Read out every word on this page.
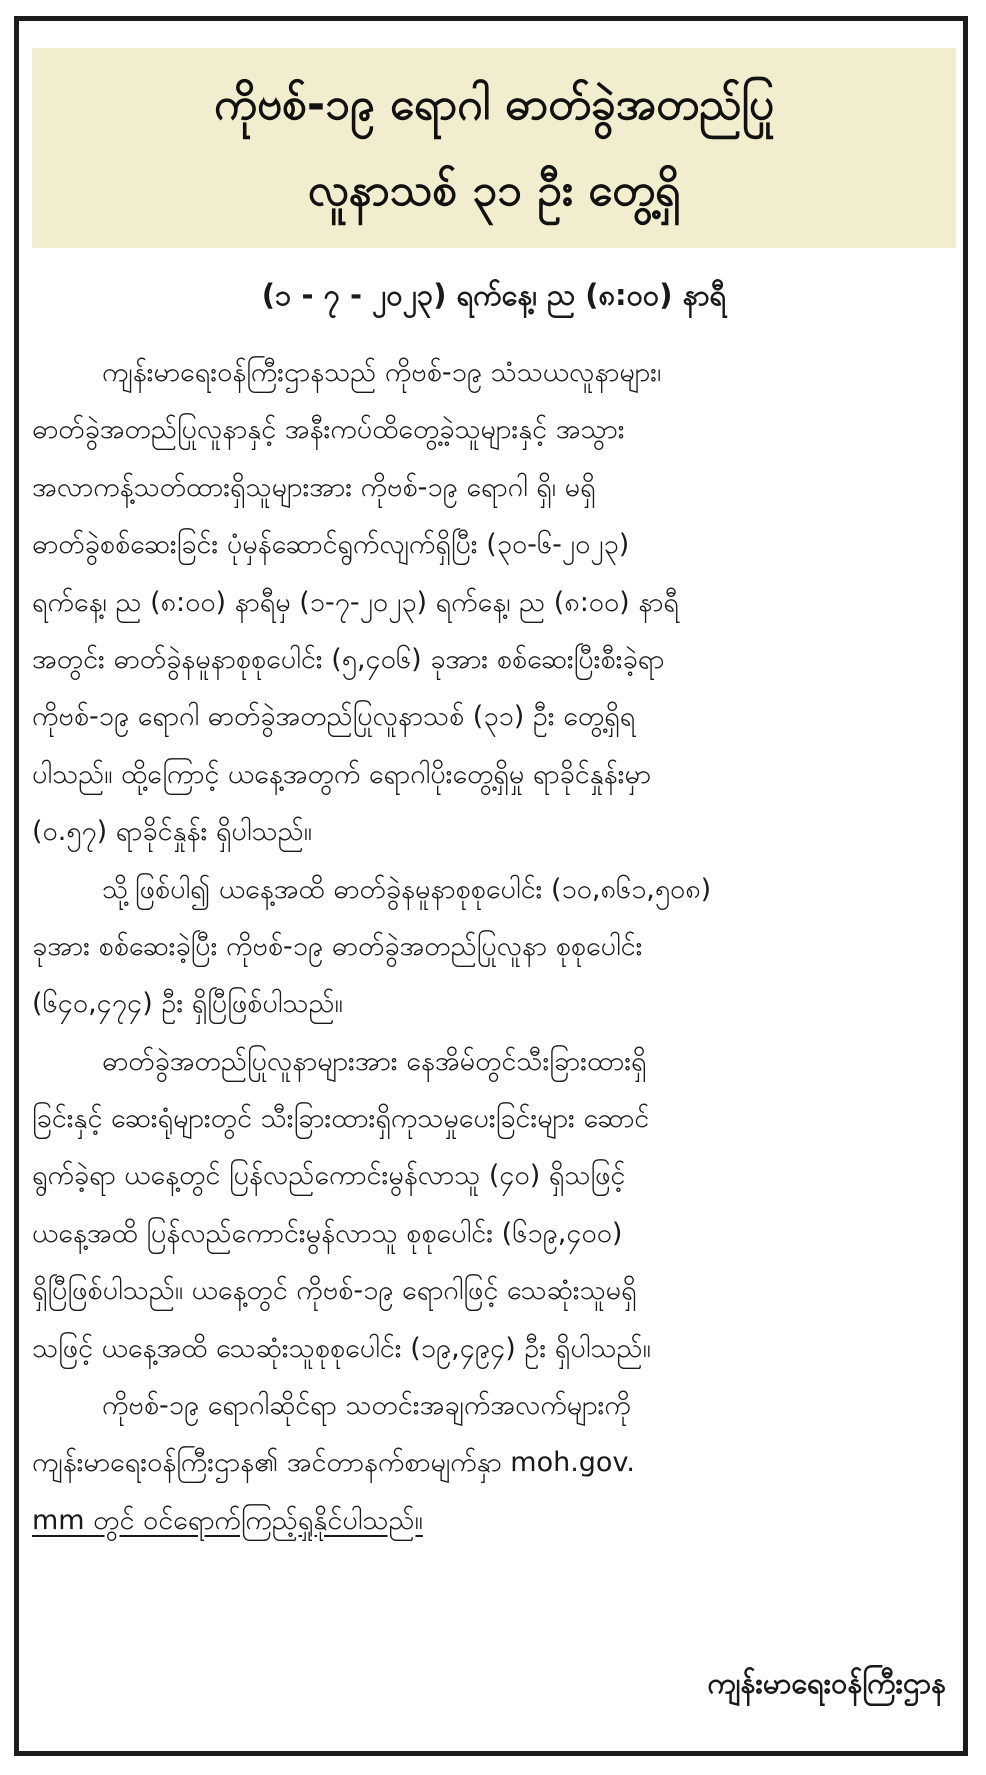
ကိုဗစ်-၁၉ ရောဂါ ဓာတ်ခွဲအတည်ပြု
လူနာသစ် ၃၁ ဦး တွေ့ရှိ
(၁ - ၇ - ၂၀၂၃) ရက်နေ့၊ ည (၈:၀၀) နာရီ
ကျန်းမာရေးဝန်ကြီးဌာနသည် ကိုဗစ်-၁၉ သံသယလူနာများ၊
ဓာတ်ခွဲအတည်ပြုလူနာနှင့် အနီးကပ်ထိတွေ့ခဲ့သူများနှင့် အသွား
အလာကန့်သတ်ထားရှိသူများအား ကိုဗစ်-၁၉ ရောဂါ ရှိ၊ မရှိ
ဓာတ်ခွဲစစ်ဆေးခြင်း ပုံမှန်ဆောင်ရွက်လျက်ရှိပြီး (၃၀-၆-၂၀၂၃)
ရက်နေ့၊ ည (၈:၀၀) နာရီမှ (၁-၇-၂၀၂၃) ရက်နေ့၊ ည (၈:၀၀) နာရီ
အတွင်း ဓာတ်ခွဲနမူနာစုစုပေါင်း (၅,၄၀၆) ခုအား စစ်ဆေးပြီးစီးခဲ့ရာ
ကိုဗစ်-၁၉ ရောဂါ ဓာတ်ခွဲအတည်ပြုလူနာသစ် (၃၁) ဦး တွေ့ရှိရ
ပါသည်။ ထို့ကြောင့် ယနေ့အတွက် ရောဂါပိုးတွေ့ရှိမှု ရာခိုင်နှုန်းမှာ
(၀.၅၇) ရာခိုင်နှုန်း ရှိပါသည်။
သို့ဖြစ်ပါ၍ ယနေ့အထိ ဓာတ်ခွဲနမူနာစုစုပေါင်း (၁၀,၈၆၁,၅၀၈)
ခုအား စစ်ဆေးခဲ့ပြီး ကိုဗစ်-၁၉ ဓာတ်ခွဲအတည်ပြုလူနာ စုစုပေါင်း
(၆၄၀,၄၇၄) ဦး ရှိပြီဖြစ်ပါသည်။
ဓာတ်ခွဲအတည်ပြုလူနာများအား နေအိမ်တွင်သီးခြားထားရှိ
ခြင်းနှင့် ဆေးရုံများတွင် သီးခြားထားရှိကုသမှုပေးခြင်းများ ဆောင်
ရွက်ခဲ့ရာ ယနေ့တွင် ပြန်လည်ကောင်းမွန်လာသူ (၄၀) ရှိသဖြင့်
ယနေ့အထိ ပြန်လည်ကောင်းမွန်လာသူ စုစုပေါင်း (၆၁၉,၄၀၀)
ရှိပြီဖြစ်ပါသည်။ ယနေ့တွင် ကိုဗစ်-၁၉ ရောဂါဖြင့် သေဆုံးသူမရှိ
သဖြင့် ယနေ့အထိ သေဆုံးသူစုစုပေါင်း (၁၉,၄၉၄) ဦး ရှိပါသည်။
ကိုဗစ်-၁၉ ရောဂါဆိုင်ရာ သတင်းအချက်အလက်များကို
ကျန်းမာရေးဝန်ကြီးဌာန၏ အင်တာနက်စာမျက်နှာ moh.gov.
mm တွင် ဝင်ရောက်ကြည့်ရှုနိုင်ပါသည်။
ကျန်းမာရေးဝန်ကြီးဌာန
